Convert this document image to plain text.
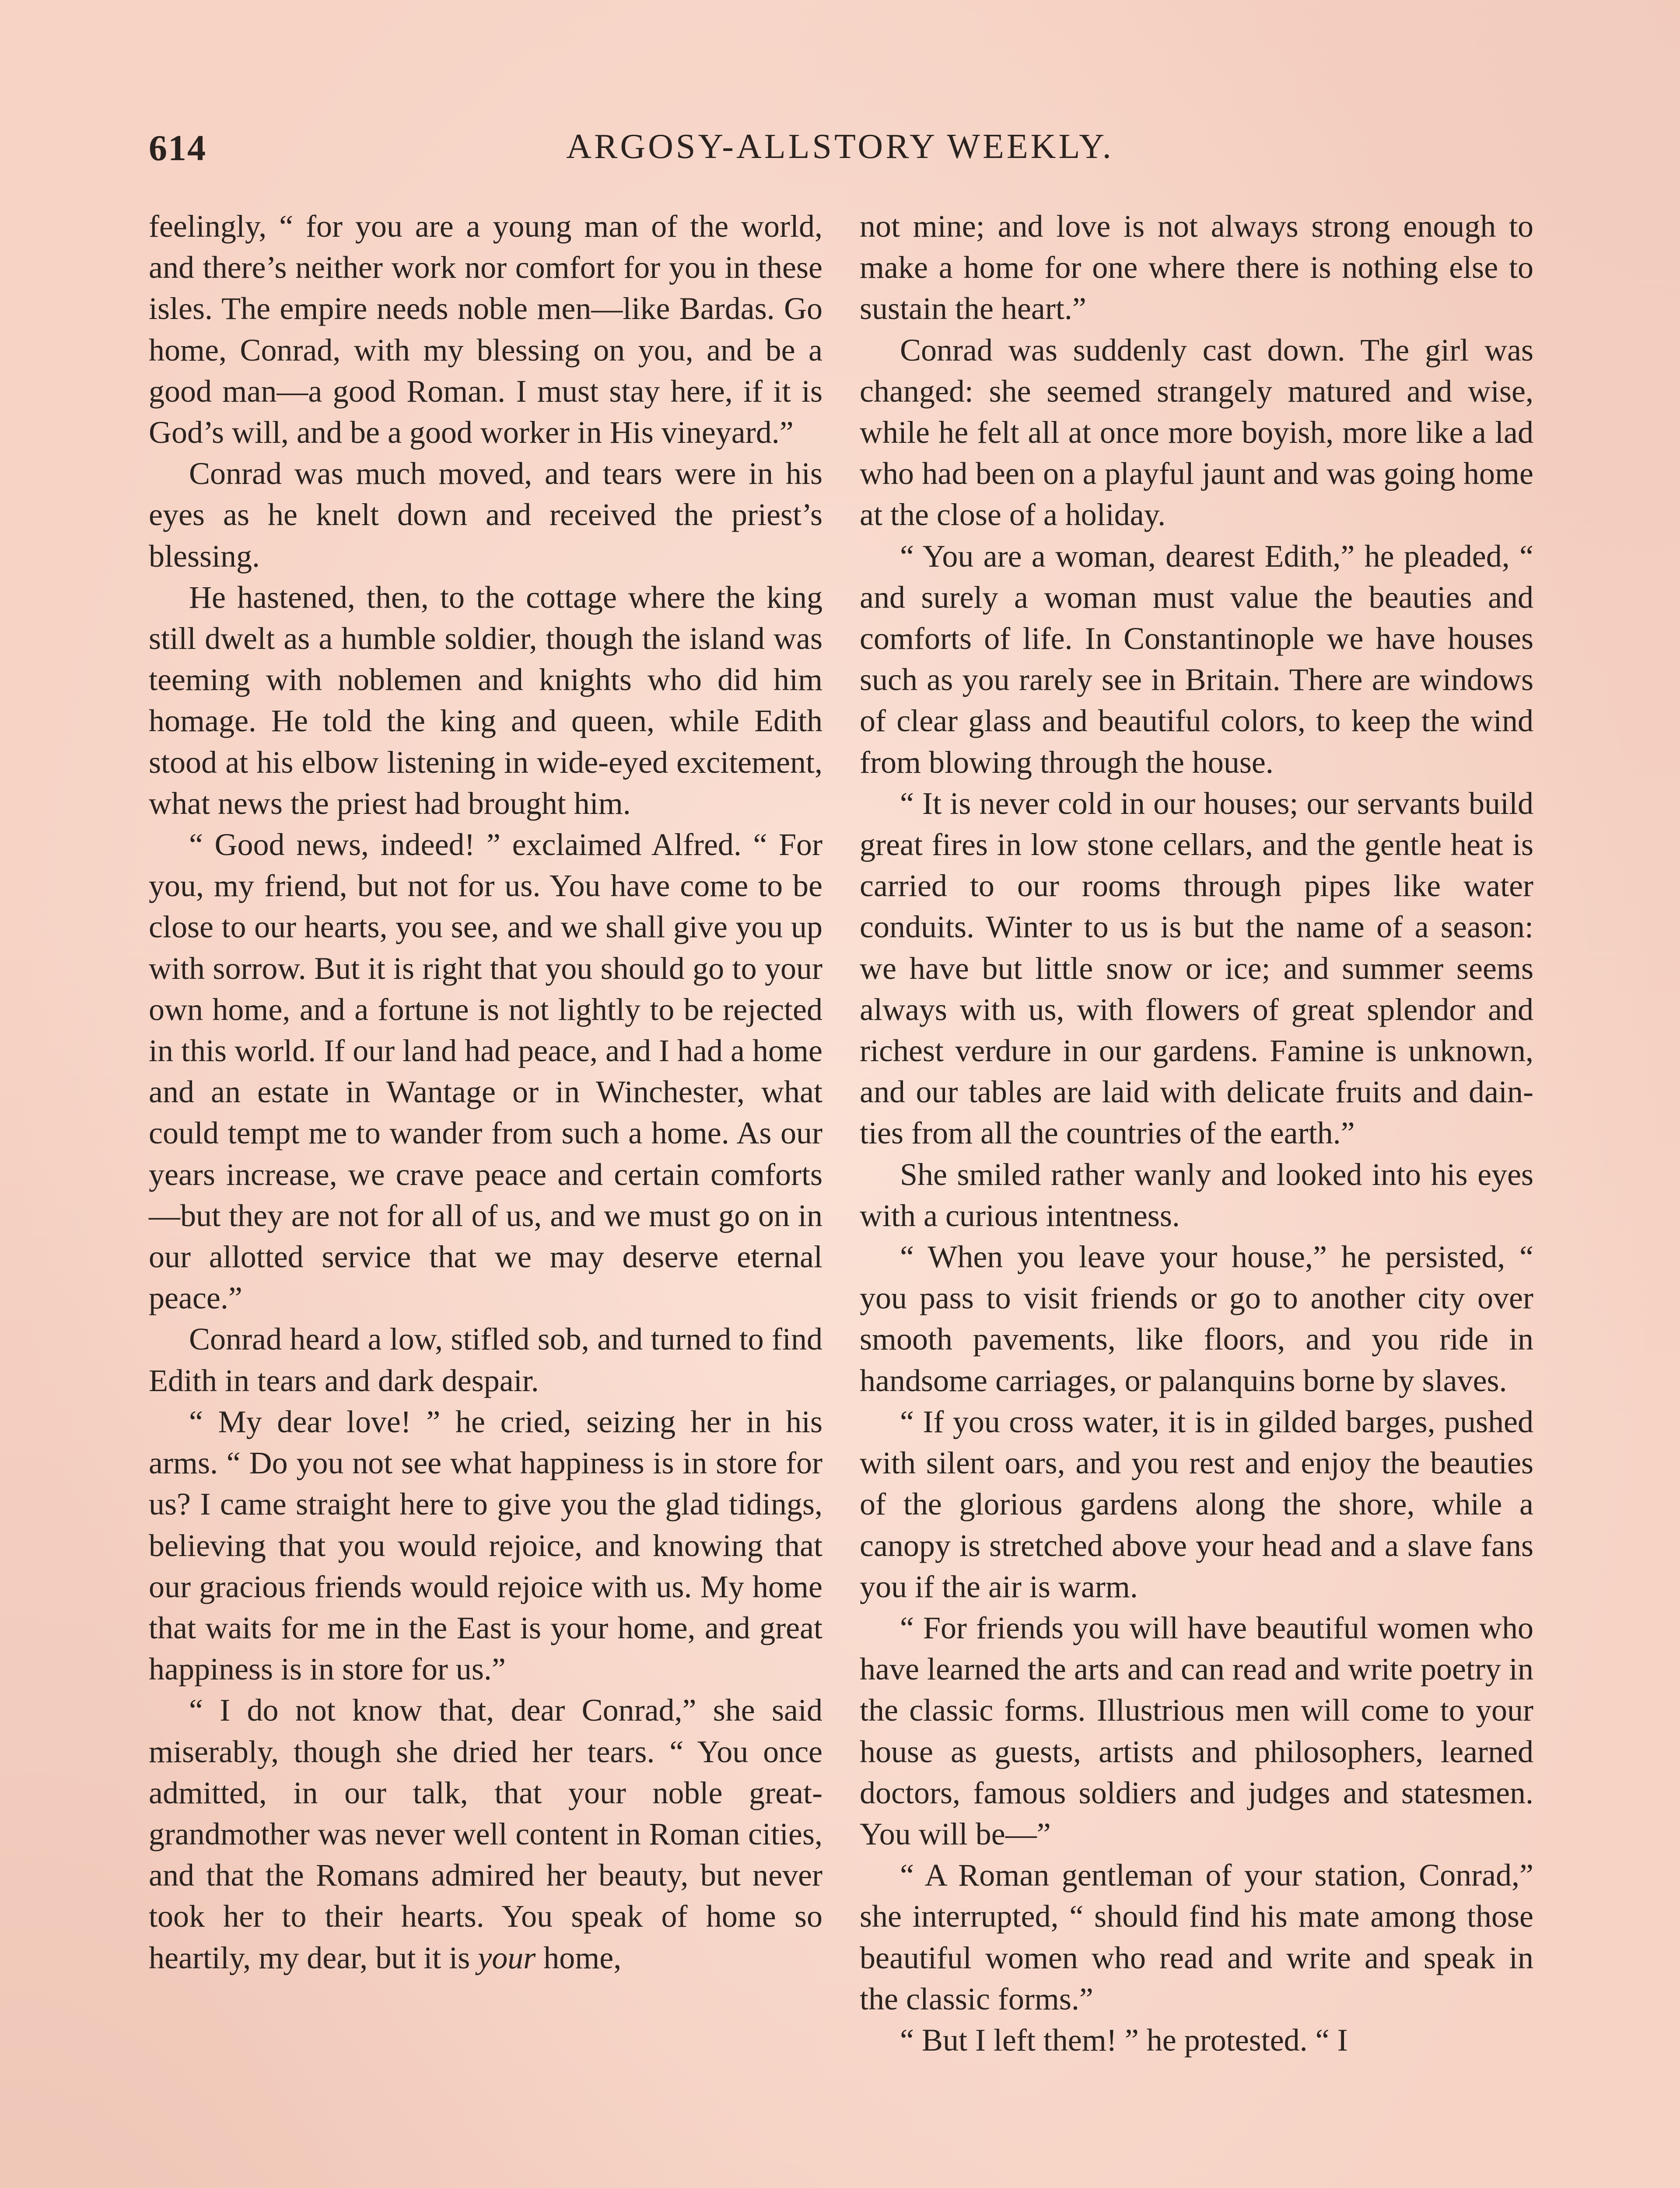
614	ARGOSY-ALLSTORY WEEKLY.

feelingly, “ for you are a young man of the world, and there’s neither work nor comfort for you in these isles. The empire needs noble men—like Bardas. Go home, Conrad, with my blessing on you, and be a good man—a good Roman. I must stay here, if it is God’s will, and be a good worker in His vineyard.”

Conrad was much moved, and tears were in his eyes as he knelt down and received the priest’s blessing.

He hastened, then, to the cottage where the king still dwelt as a humble soldier, though the island was teeming with noblemen and knights who did him homage. He told the king and queen, while Edith stood at his elbow listening in wide-eyed excitement, what news the priest had brought him.

“ Good news, indeed! ” exclaimed Alfred. “ For you, my friend, but not for us. You have come to be close to our hearts, you see, and we shall give you up with sorrow. But it is right that you should go to your own home, and a fortune is not lightly to be rejected in this world. If our land had peace, and I had a home and an estate in Wantage or in Winchester, what could tempt me to wander from such a home. As our years increase, we crave peace and certain comforts—but they are not for all of us, and we must go on in our allotted service that we may deserve eternal peace.”

Conrad heard a low, stifled sob, and turned to find Edith in tears and dark despair.

“ My dear love! ” he cried, seizing her in his arms. “ Do you not see what happiness is in store for us? I came straight here to give you the glad tidings, believing that you would rejoice, and knowing that our gracious friends would rejoice with us. My home that waits for me in the East is your home, and great happiness is in store for us.”

“ I do not know that, dear Conrad,” she said miserably, though she dried her tears. “ You once admitted, in our talk, that your noble great-grandmother was never well content in Roman cities, and that the Romans admired her beauty, but never took her to their hearts. You speak of home so heartily, my dear, but it is your home,

not mine; and love is not always strong enough to make a home for one where there is nothing else to sustain the heart.”

Conrad was suddenly cast down. The girl was changed: she seemed strangely matured and wise, while he felt all at once more boyish, more like a lad who had been on a playful jaunt and was going home at the close of a holiday.

“ You are a woman, dearest Edith,” he pleaded, “ and surely a woman must value the beauties and comforts of life. In Constantinople we have houses such as you rarely see in Britain. There are windows of clear glass and beautiful colors, to keep the wind from blowing through the house.

“ It is never cold in our houses; our servants build great fires in low stone cellars, and the gentle heat is carried to our rooms through pipes like water conduits. Winter to us is but the name of a season: we have but little snow or ice; and summer seems always with us, with flowers of great splendor and richest verdure in our gardens. Famine is unknown, and our tables are laid with delicate fruits and dainties from all the countries of the earth.”

She smiled rather wanly and looked into his eyes with a curious intentness.

“ When you leave your house,” he persisted, “ you pass to visit friends or go to another city over smooth pavements, like floors, and you ride in handsome carriages, or palanquins borne by slaves.

“ If you cross water, it is in gilded barges, pushed with silent oars, and you rest and enjoy the beauties of the glorious gardens along the shore, while a canopy is stretched above your head and a slave fans you if the air is warm.

“ For friends you will have beautiful women who have learned the arts and can read and write poetry in the classic forms. Illustrious men will come to your house as guests, artists and philosophers, learned doctors, famous soldiers and judges and statesmen. You will be—”

“ A Roman gentleman of your station, Conrad,” she interrupted, “ should find his mate among those beautiful women who read and write and speak in the classic forms.”

“ But I left them! ” he protested. “ I
